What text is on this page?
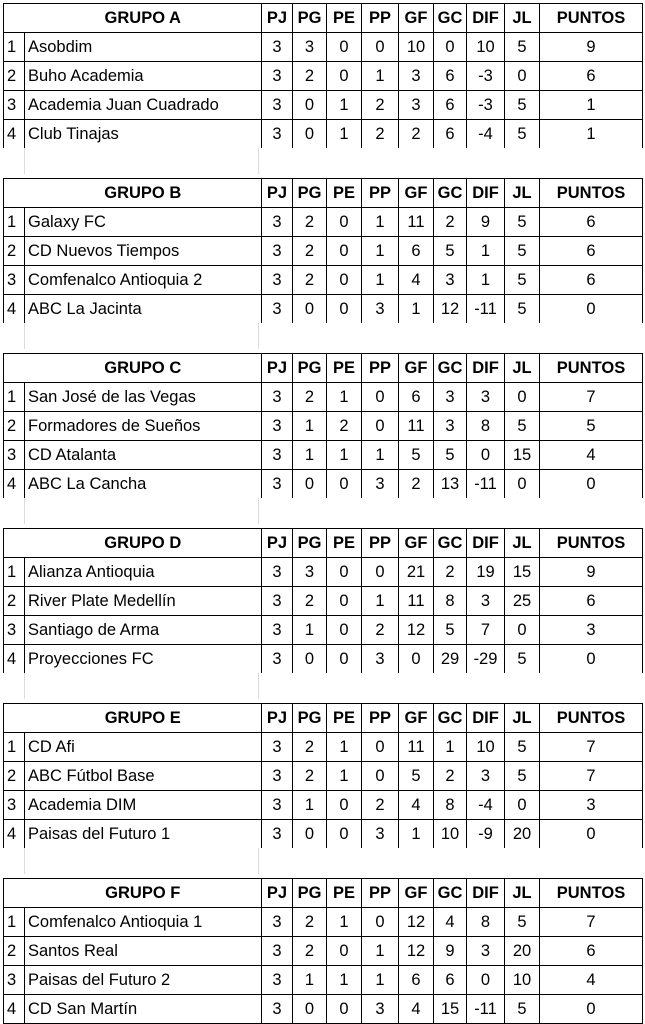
	GRUPO A	PJ	PG	PE	PP	GF	GC	DIF	JL	PUNTOS
1	Asobdim	3	3	0	0	10	0	10	5	9
2	Buho Academia	3	2	0	1	3	6	-3	0	6
3	Academia Juan Cuadrado	3	0	1	2	3	6	-3	5	1
4	Club Tinajas	3	0	1	2	2	6	-4	5	1
	GRUPO B	PJ	PG	PE	PP	GF	GC	DIF	JL	PUNTOS
1	Galaxy FC	3	2	0	1	11	2	9	5	6
2	CD Nuevos Tiempos	3	2	0	1	6	5	1	5	6
3	Comfenalco Antioquia 2	3	2	0	1	4	3	1	5	6
4	ABC La Jacinta	3	0	0	3	1	12	-11	5	0
	GRUPO C	PJ	PG	PE	PP	GF	GC	DIF	JL	PUNTOS
1	San José de las Vegas	3	2	1	0	6	3	3	0	7
2	Formadores de Sueños	3	1	2	0	11	3	8	5	5
3	CD Atalanta	3	1	1	1	5	5	0	15	4
4	ABC La Cancha	3	0	0	3	2	13	-11	0	0
	GRUPO D	PJ	PG	PE	PP	GF	GC	DIF	JL	PUNTOS
1	Alianza Antioquia	3	3	0	0	21	2	19	15	9
2	River Plate Medellín	3	2	0	1	11	8	3	25	6
3	Santiago de Arma	3	1	0	2	12	5	7	0	3
4	Proyecciones FC	3	0	0	3	0	29	-29	5	0
	GRUPO E	PJ	PG	PE	PP	GF	GC	DIF	JL	PUNTOS
1	CD Afi	3	2	1	0	11	1	10	5	7
2	ABC Fútbol Base	3	2	1	0	5	2	3	5	7
3	Academia DIM	3	1	0	2	4	8	-4	0	3
4	Paisas del Futuro 1	3	0	0	3	1	10	-9	20	0
	GRUPO F	PJ	PG	PE	PP	GF	GC	DIF	JL	PUNTOS
1	Comfenalco Antioquia 1	3	2	1	0	12	4	8	5	7
2	Santos Real	3	2	0	1	12	9	3	20	6
3	Paisas del Futuro 2	3	1	1	1	6	6	0	10	4
4	CD San Martín	3	0	0	3	4	15	-11	5	0
